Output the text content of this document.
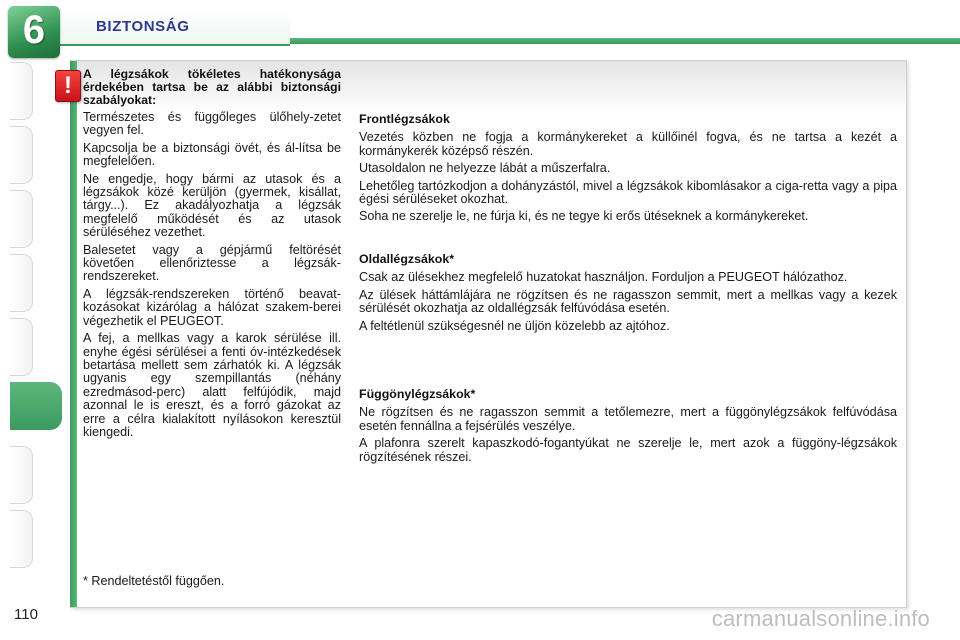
6	BIZTONSÁG
! A légzsákok tökéletes hatékonysága érdekében tartsa be az alábbi biztonsági szabályokat:

Természetes és függőleges ülőhely-zetet vegyen fel.

Kapcsolja be a biztonsági övét, és ál-lítsa be megfelelően.

Ne engedje, hogy bármi az utasok és a légzsákok közé kerüljön (gyermek, kisállat, tárgy...). Ez akadályozhatja a légzsák megfelelő működését és az utasok sérüléséhez vezethet.

Balesetet vagy a gépjármű feltörését követően ellenőriztesse a légzsák-rendszereket.

A légzsák-rendszereken történő beavat-kozásokat kizárólag a hálózat szakem-berei végezhetik el PEUGEOT.

A fej, a mellkas vagy a karok sérülése ill. enyhe égési sérülései a fenti óv-intézkedések betartása mellett sem zárhatók ki. A légzsák ugyanis egy szempillantás (néhány ezredmásod-perc) alatt felfújódik, majd azonnal le is ereszt, és a forró gázokat az erre a célra kialakított nyílásokon keresztül kiengedi.

* Rendeltetéstől függően.
Frontlégzsákok

Vezetés közben ne fogja a kormánykereket a küllőinél fogva, és ne tartsa a kezét a kormánykerék középső részén.

Utasoldalon ne helyezze lábát a műszerfalra.

Lehetőleg tartózkodjon a dohányzástól, mivel a légzsákok kibomlásakor a ciga-retta vagy a pipa égési sérüléseket okozhat.

Soha ne szerelje le, ne fúrja ki, és ne tegye ki erős ütéseknek a kormánykereket.

Oldallégzsákok*

Csak az ülésekhez megfelelő huzatokat használjon. Forduljon a PEUGEOT hálózathoz.

Az ülések háttámlájára ne rögzítsen és ne ragasszon semmit, mert a mellkas vagy a kezek sérülését okozhatja az oldallégzsák felfúvódása esetén.

A feltétlenül szükségesnél ne üljön közelebb az ajtóhoz.

Függönylégzsákok*

Ne rögzítsen és ne ragasszon semmit a tetőlemezre, mert a függönylégzsákok felfúvódása esetén fennállna a fejsérülés veszélye.

A plafonra szerelt kapaszkodó-fogantyúkat ne szerelje le, mert azok a függöny-légzsákok rögzítésének részei.

110	carmanualsonline.info
